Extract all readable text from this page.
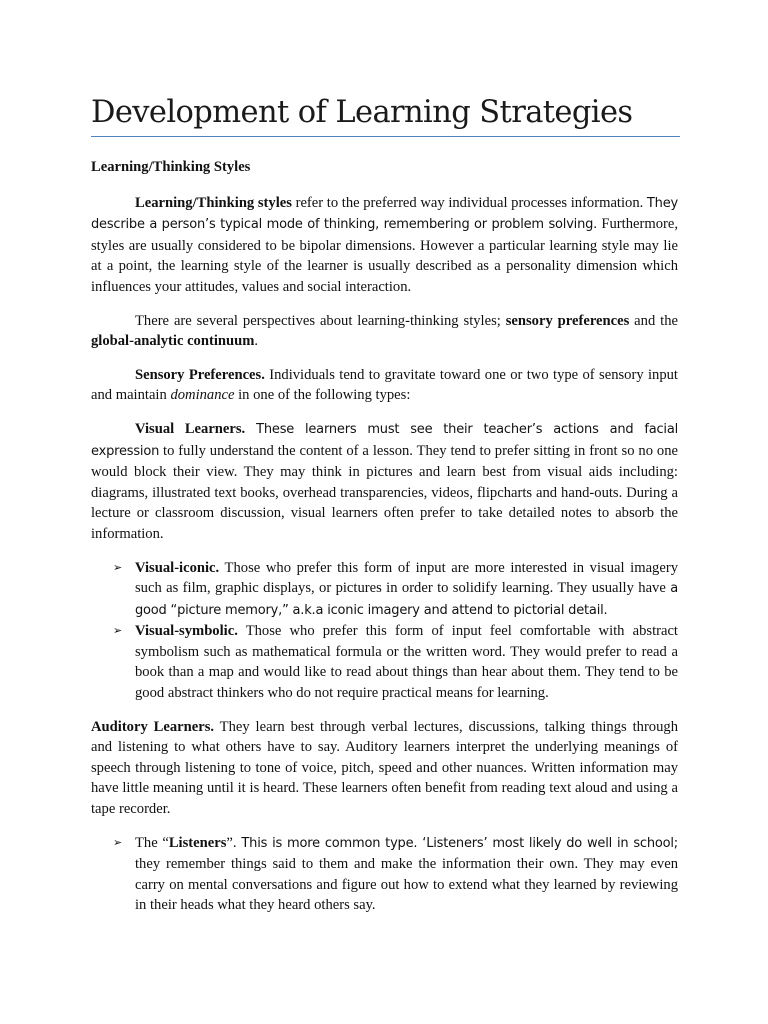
Development of Learning Strategies

Learning/Thinking Styles

Learning/Thinking styles refer to the preferred way individual processes information. They describe a person’s typical mode of thinking, remembering or problem solving. Furthermore, styles are usually considered to be bipolar dimensions. However a particular learning style may lie at a point, the learning style of the learner is usually described as a personality dimension which influences your attitudes, values and social interaction.

There are several perspectives about learning-thinking styles; sensory preferences and the global-analytic continuum.

Sensory Preferences. Individuals tend to gravitate toward one or two type of sensory input and maintain dominance in one of the following types:

Visual Learners. These learners must see their teacher’s actions and facial expression to fully understand the content of a lesson. They tend to prefer sitting in front so no one would block their view. They may think in pictures and learn best from visual aids including: diagrams, illustrated text books, overhead transparencies, videos, flipcharts and hand-outs. During a lecture or classroom discussion, visual learners often prefer to take detailed notes to absorb the information.

➢ Visual-iconic. Those who prefer this form of input are more interested in visual imagery such as film, graphic displays, or pictures in order to solidify learning. They usually have a good “picture memory,” a.k.a iconic imagery and attend to pictorial detail.
➢ Visual-symbolic. Those who prefer this form of input feel comfortable with abstract symbolism such as mathematical formula or the written word. They would prefer to read a book than a map and would like to read about things than hear about them. They tend to be good abstract thinkers who do not require practical means for learning.

Auditory Learners. They learn best through verbal lectures, discussions, talking things through and listening to what others have to say. Auditory learners interpret the underlying meanings of speech through listening to tone of voice, pitch, speed and other nuances. Written information may have little meaning until it is heard. These learners often benefit from reading text aloud and using a tape recorder.

➢ The “Listeners”. This is more common type. ‘Listeners’ most likely do well in school; they remember things said to them and make the information their own. They may even carry on mental conversations and figure out how to extend what they learned by reviewing in their heads what they heard others say.
